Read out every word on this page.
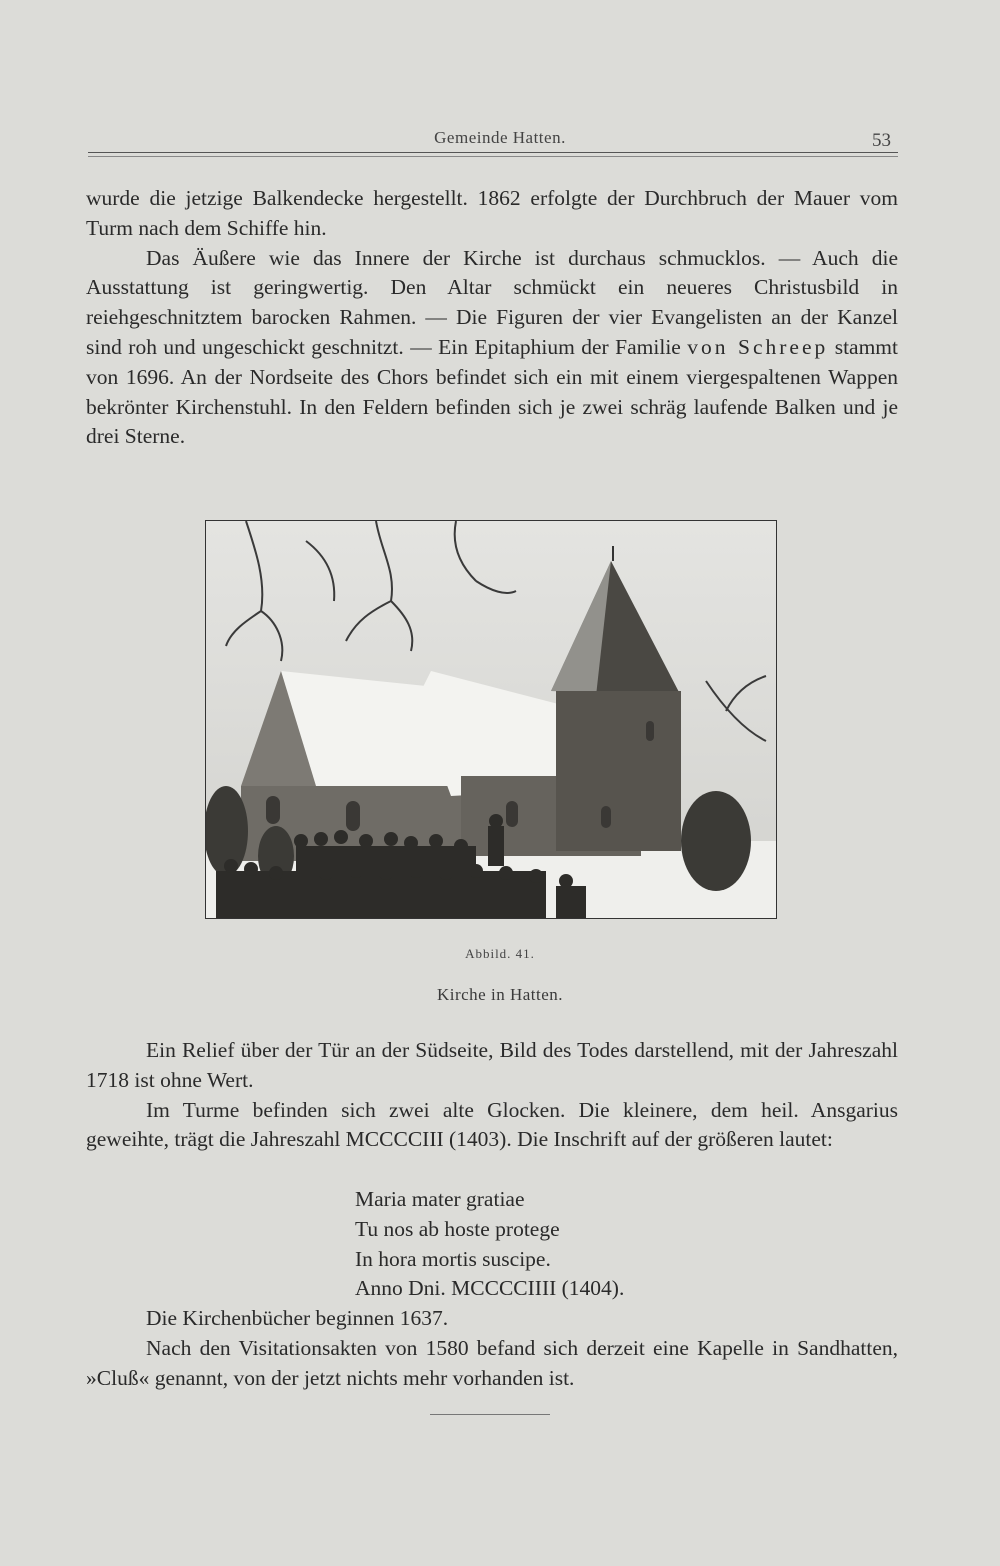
Gemeinde Hatten.	53

wurde die jetzige Balkendecke hergestellt. 1862 erfolgte der Durchbruch der Mauer vom Turm nach dem Schiffe hin.

Das Äußere wie das Innere der Kirche ist durchaus schmucklos. — Auch die Ausstattung ist geringwertig. Den Altar schmückt ein neueres Christusbild in reiehgeschnitztem barocken Rahmen. — Die Figuren der vier Evangelisten an der Kanzel sind roh und ungeschickt geschnitzt. — Ein Epitaphium der Familie von Schreep stammt von 1696. An der Nordseite des Chors befindet sich ein mit einem viergespaltenen Wappen bekrönter Kirchenstuhl. In den Feldern befinden sich je zwei schräg laufende Balken und je drei Sterne.

Abbild. 41.
Kirche in Hatten.

Ein Relief über der Tür an der Südseite, Bild des Todes darstellend, mit der Jahreszahl 1718 ist ohne Wert.

Im Turme befinden sich zwei alte Glocken. Die kleinere, dem heil. Ansgarius geweihte, trägt die Jahreszahl MCCCCIII (1403). Die Inschrift auf der größeren lautet:

Maria mater gratiae
Tu nos ab hoste protege
In hora mortis suscipe.
Anno Dni. MCCCCIIII (1404).

Die Kirchenbücher beginnen 1637.

Nach den Visitationsakten von 1580 befand sich derzeit eine Kapelle in Sandhatten, »Cluß« genannt, von der jetzt nichts mehr vorhanden ist.
